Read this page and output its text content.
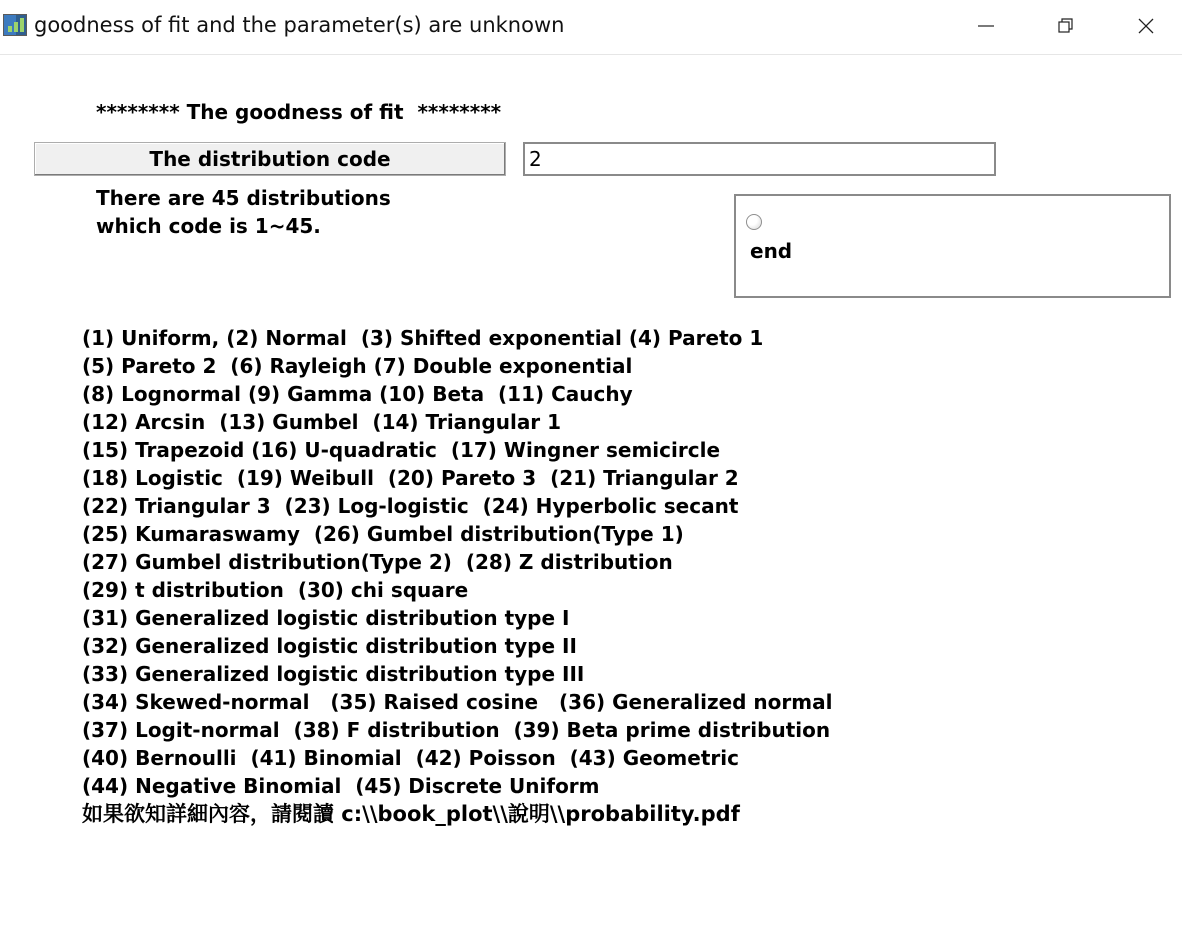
goodness of fit and the parameter(s) are unknown
******** The goodness of fit  ********
The distribution code
2
There are 45 distributions
which code is 1~45.
end
(1) Uniform, (2) Normal  (3) Shifted exponential (4) Pareto 1
(5) Pareto 2  (6) Rayleigh (7) Double exponential
(8) Lognormal (9) Gamma (10) Beta  (11) Cauchy
(12) Arcsin  (13) Gumbel  (14) Triangular 1
(15) Trapezoid (16) U-quadratic  (17) Wingner semicircle
(18) Logistic  (19) Weibull  (20) Pareto 3  (21) Triangular 2
(22) Triangular 3  (23) Log-logistic  (24) Hyperbolic secant
(25) Kumaraswamy  (26) Gumbel distribution(Type 1)
(27) Gumbel distribution(Type 2)  (28) Z distribution
(29) t distribution  (30) chi square
(31) Generalized logistic distribution type I
(32) Generalized logistic distribution type II
(33) Generalized logistic distribution type III
(34) Skewed-normal   (35) Raised cosine   (36) Generalized normal
(37) Logit-normal  (38) F distribution  (39) Beta prime distribution
(40) Bernoulli  (41) Binomial  (42) Poisson  (43) Geometric
(44) Negative Binomial  (45) Discrete Uniform
如果欲知詳細內容，請閱讀 c:\\book_plot\\說明\\probability.pdf
